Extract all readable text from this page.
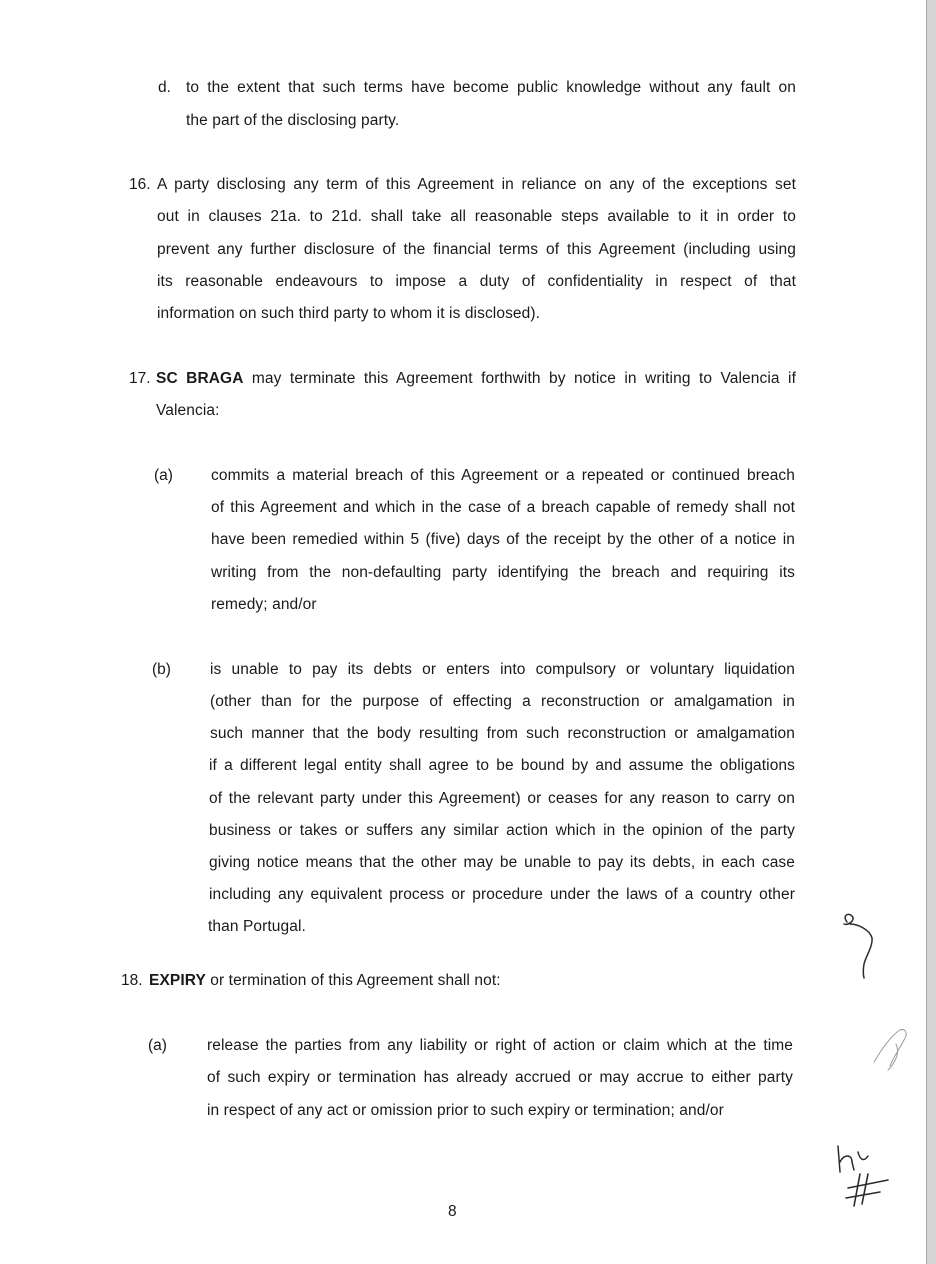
d. to the extent that such terms have become public knowledge without any fault on
the part of the disclosing party.
16. A party disclosing any term of this Agreement in reliance on any of the exceptions set
out in clauses 21a. to 21d. shall take all reasonable steps available to it in order to
prevent any further disclosure of the financial terms of this Agreement (including using
its reasonable endeavours to impose a duty of confidentiality in respect of that
information on such third party to whom it is disclosed).
17. SC BRAGA may terminate this Agreement forthwith by notice in writing to Valencia if
Valencia:
(a) commits a material breach of this Agreement or a repeated or continued breach
of this Agreement and which in the case of a breach capable of remedy shall not
have been remedied within 5 (five) days of the receipt by the other of a notice in
writing from the non-defaulting party identifying the breach and requiring its
remedy; and/or
(b)	is unable to pay its debts or enters into compulsory or voluntary liquidation
(other than for the purpose of effecting a reconstruction or amalgamation in
such manner that the body resulting from such reconstruction or amalgamation
if a different legal entity shall agree to be bound by and assume the obligations
of the relevant party under this Agreement) or ceases for any reason to carry on
business or takes or suffers any similar action which in the opinion of the party
giving notice means that the other may be unable to pay its debts, in each case
including any equivalent process or procedure under the laws of a country other
than Portugal.
18. EXPIRY or termination of this Agreement shall not:
(a)	release the parties from any liability or right of action or claim which at the time
of such expiry or termination has already accrued or may accrue to either party
in respect of any act or omission prior to such expiry or termination; and/or
8
